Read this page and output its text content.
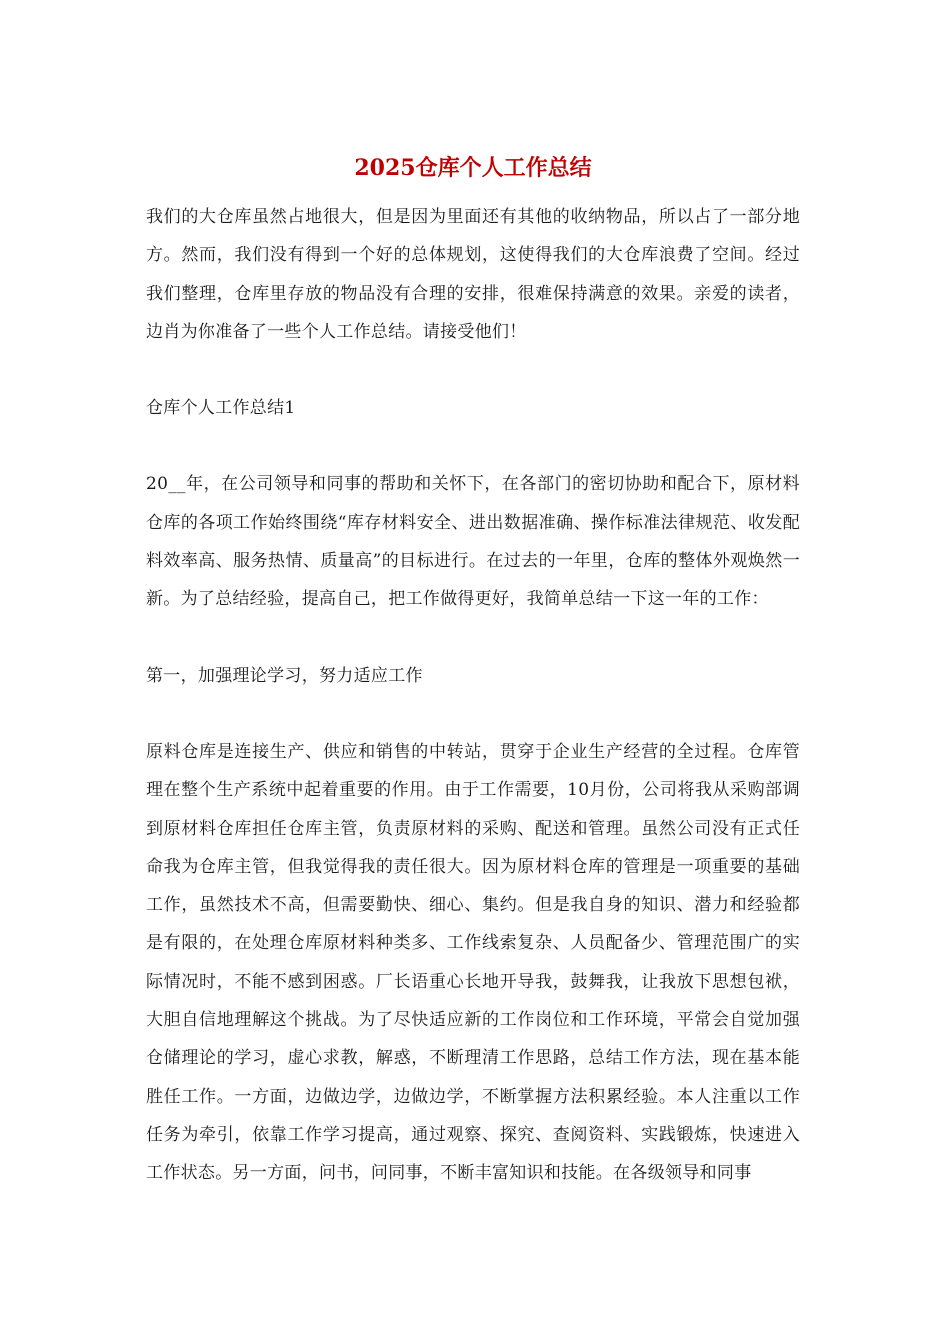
2025仓库个人工作总结

我们的大仓库虽然占地很大，但是因为里面还有其他的收纳物品，所以占了一部分地方。然而，我们没有得到一个好的总体规划，这使得我们的大仓库浪费了空间。经过我们整理，仓库里存放的物品没有合理的安排，很难保持满意的效果。亲爱的读者，边肖为你准备了一些个人工作总结。请接受他们！

仓库个人工作总结1

20__年，在公司领导和同事的帮助和关怀下，在各部门的密切协助和配合下，原材料仓库的各项工作始终围绕“库存材料安全、进出数据准确、操作标准法律规范、收发配料效率高、服务热情、质量高”的目标进行。在过去的一年里，仓库的整体外观焕然一新。为了总结经验，提高自己，把工作做得更好，我简单总结一下这一年的工作：

第一，加强理论学习，努力适应工作

原料仓库是连接生产、供应和销售的中转站，贯穿于企业生产经营的全过程。仓库管理在整个生产系统中起着重要的作用。由于工作需要，10月份，公司将我从采购部调到原材料仓库担任仓库主管，负责原材料的采购、配送和管理。虽然公司没有正式任命我为仓库主管，但我觉得我的责任很大。因为原材料仓库的管理是一项重要的基础工作，虽然技术不高，但需要勤快、细心、集约。但是我自身的知识、潜力和经验都是有限的，在处理仓库原材料种类多、工作线索复杂、人员配备少、管理范围广的实际情况时，不能不感到困惑。厂长语重心长地开导我，鼓舞我，让我放下思想包袱，大胆自信地理解这个挑战。为了尽快适应新的工作岗位和工作环境，平常会自觉加强仓储理论的学习，虚心求教，解惑，不断理清工作思路，总结工作方法，现在基本能胜任工作。一方面，边做边学，边做边学，不断掌握方法积累经验。本人注重以工作任务为牵引，依靠工作学习提高，通过观察、探究、查阅资料、实践锻炼，快速进入工作状态。另一方面，问书，问同事，不断丰富知识和技能。在各级领导和同事
